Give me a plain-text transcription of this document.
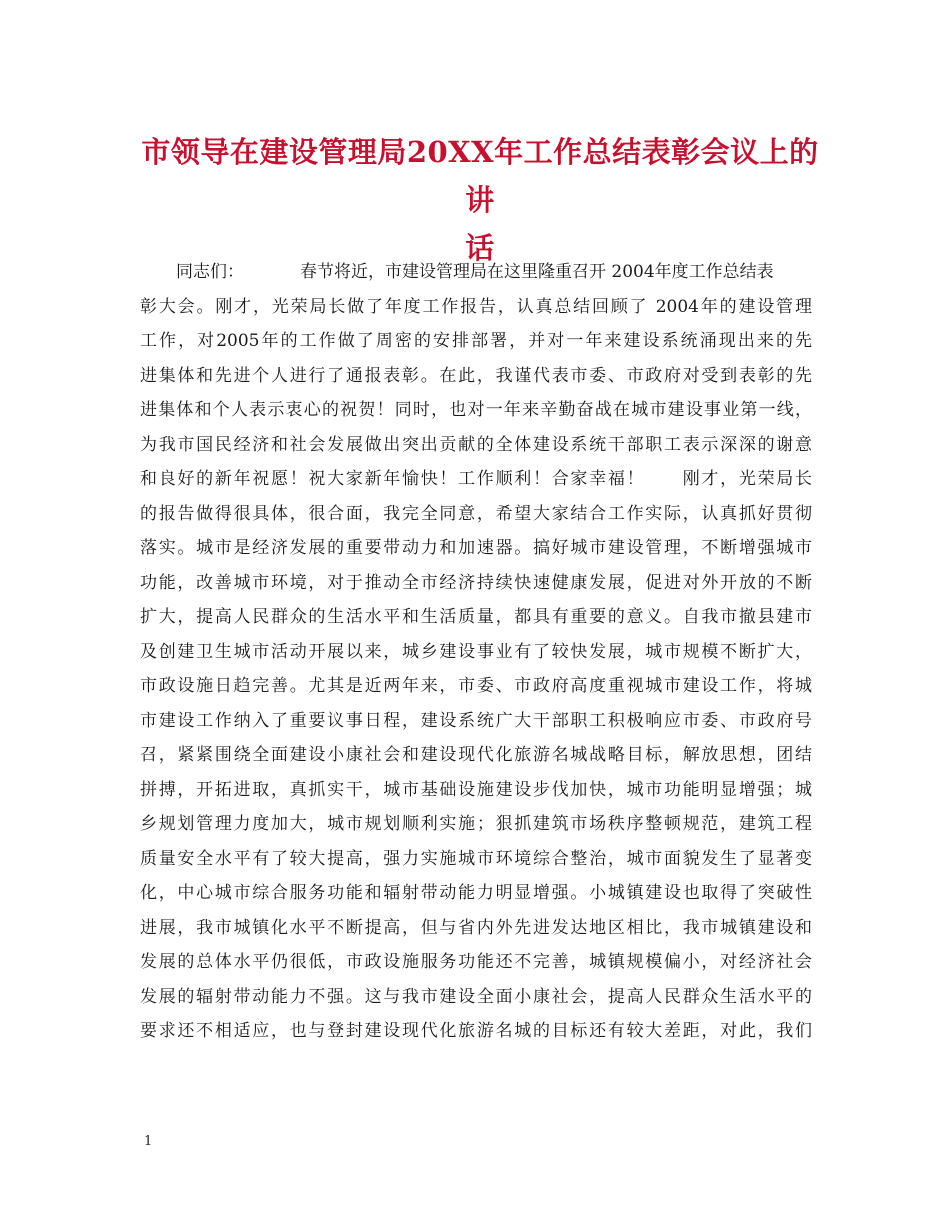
市领导在建设管理局20XX年工作总结表彰会议上的讲
话
同志们：	春节将近，市建设管理局在这里隆重召开 2004年度工作总结表
彰大会。刚才，光荣局长做了年度工作报告，认真总结回顾了 2004年的建设管理
工作，对2005年的工作做了周密的安排部署，并对一年来建设系统涌现出来的先
进集体和先进个人进行了通报表彰。在此，我谨代表市委、市政府对受到表彰的先
进集体和个人表示衷心的祝贺！同时，也对一年来辛勤奋战在城市建设事业第一线，
为我市国民经济和社会发展做出突出贡献的全体建设系统干部职工表示深深的谢意
和良好的新年祝愿！祝大家新年愉快！工作顺利！合家幸福！　　刚才，光荣局长
的报告做得很具体，很合面，我完全同意，希望大家结合工作实际，认真抓好贯彻
落实。城市是经济发展的重要带动力和加速器。搞好城市建设管理，不断增强城市
功能，改善城市环境，对于推动全市经济持续快速健康发展，促进对外开放的不断
扩大，提高人民群众的生活水平和生活质量，都具有重要的意义。自我市撤县建市
及创建卫生城市活动开展以来，城乡建设事业有了较快发展，城市规模不断扩大，
市政设施日趋完善。尤其是近两年来，市委、市政府高度重视城市建设工作，将城
市建设工作纳入了重要议事日程，建设系统广大干部职工积极响应市委、市政府号
召，紧紧围绕全面建设小康社会和建设现代化旅游名城战略目标，解放思想，团结
拼搏，开拓进取，真抓实干，城市基础设施建设步伐加快，城市功能明显增强；城
乡规划管理力度加大，城市规划顺利实施；狠抓建筑市场秩序整顿规范，建筑工程
质量安全水平有了较大提高，强力实施城市环境综合整治，城市面貌发生了显著变
化，中心城市综合服务功能和辐射带动能力明显增强。小城镇建设也取得了突破性
进展，我市城镇化水平不断提高，但与省内外先进发达地区相比，我市城镇建设和
发展的总体水平仍很低，市政设施服务功能还不完善，城镇规模偏小，对经济社会
发展的辐射带动能力不强。这与我市建设全面小康社会，提高人民群众生活水平的
要求还不相适应，也与登封建设现代化旅游名城的目标还有较大差距，对此，我们
1
